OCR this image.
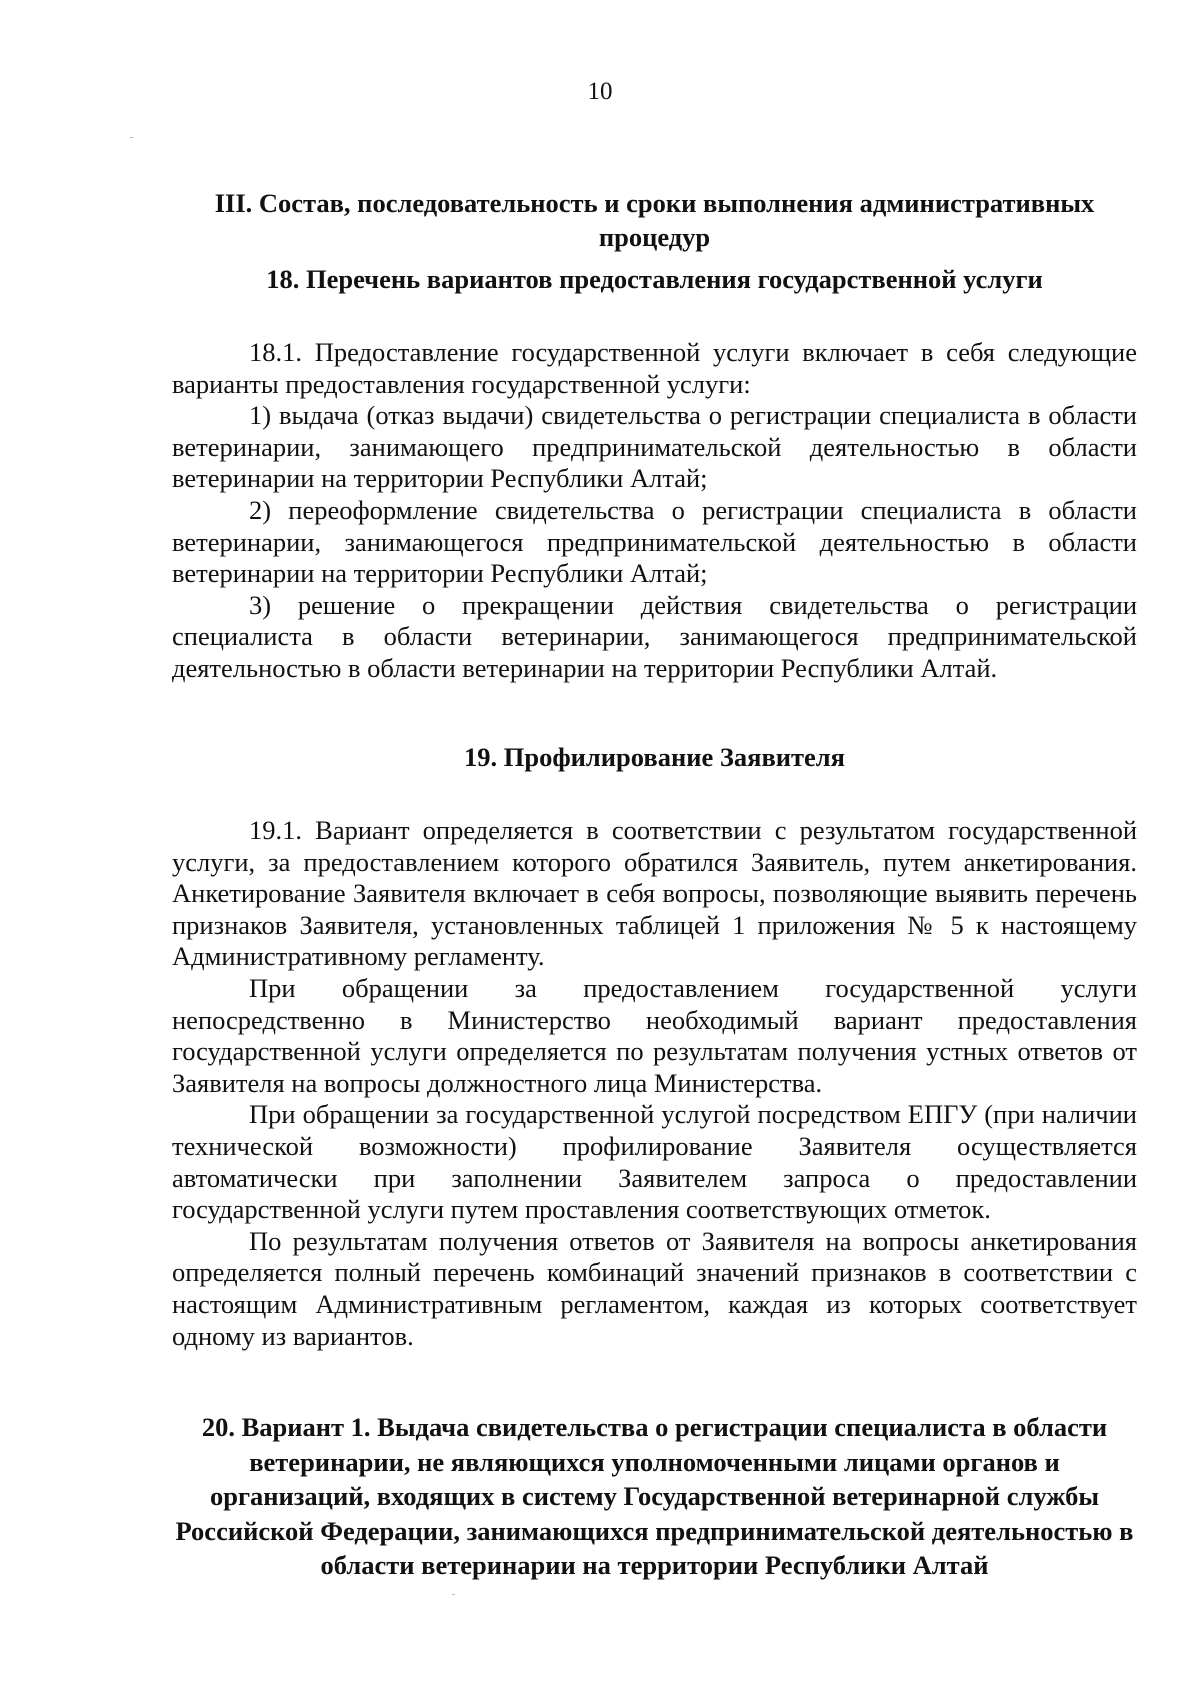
10
III. Состав, последовательность и сроки выполнения административных процедур
18. Перечень вариантов предоставления государственной услуги

18.1. Предоставление государственной услуги включает в себя следующие варианты предоставления государственной услуги:

1) выдача (отказ выдачи) свидетельства о регистрации специалиста в области ветеринарии, занимающего предпринимательской деятельностью в области ветеринарии на территории Республики Алтай;

2) переоформление свидетельства о регистрации специалиста в области ветеринарии, занимающегося предпринимательской деятельностью в области ветеринарии на территории Республики Алтай;

3) решение о прекращении действия свидетельства о регистрации специалиста в области ветеринарии, занимающегося предпринимательской деятельностью в области ветеринарии на территории Республики Алтай.

19. Профилирование Заявителя

19.1. Вариант определяется в соответствии с результатом государственной услуги, за предоставлением которого обратился Заявитель, путем анкетирования. Анкетирование Заявителя включает в себя вопросы, позволяющие выявить перечень признаков Заявителя, установленных таблицей 1 приложения № 5 к настоящему Административному регламенту.

При обращении за предоставлением государственной услуги непосредственно в Министерство необходимый вариант предоставления государственной услуги определяется по результатам получения устных ответов от Заявителя на вопросы должностного лица Министерства.

При обращении за государственной услугой посредством ЕПГУ (при наличии технической возможности) профилирование Заявителя осуществляется автоматически при заполнении Заявителем запроса о предоставлении государственной услуги путем проставления соответствующих отметок.

По результатам получения ответов от Заявителя на вопросы анкетирования определяется полный перечень комбинаций значений признаков в соответствии с настоящим Административным регламентом, каждая из которых соответствует одному из вариантов.

20. Вариант 1. Выдача свидетельства о регистрации специалиста в области ветеринарии, не являющихся уполномоченными лицами органов и организаций, входящих в систему Государственной ветеринарной службы Российской Федерации, занимающихся предпринимательской деятельностью в области ветеринарии на территории Республики Алтай
